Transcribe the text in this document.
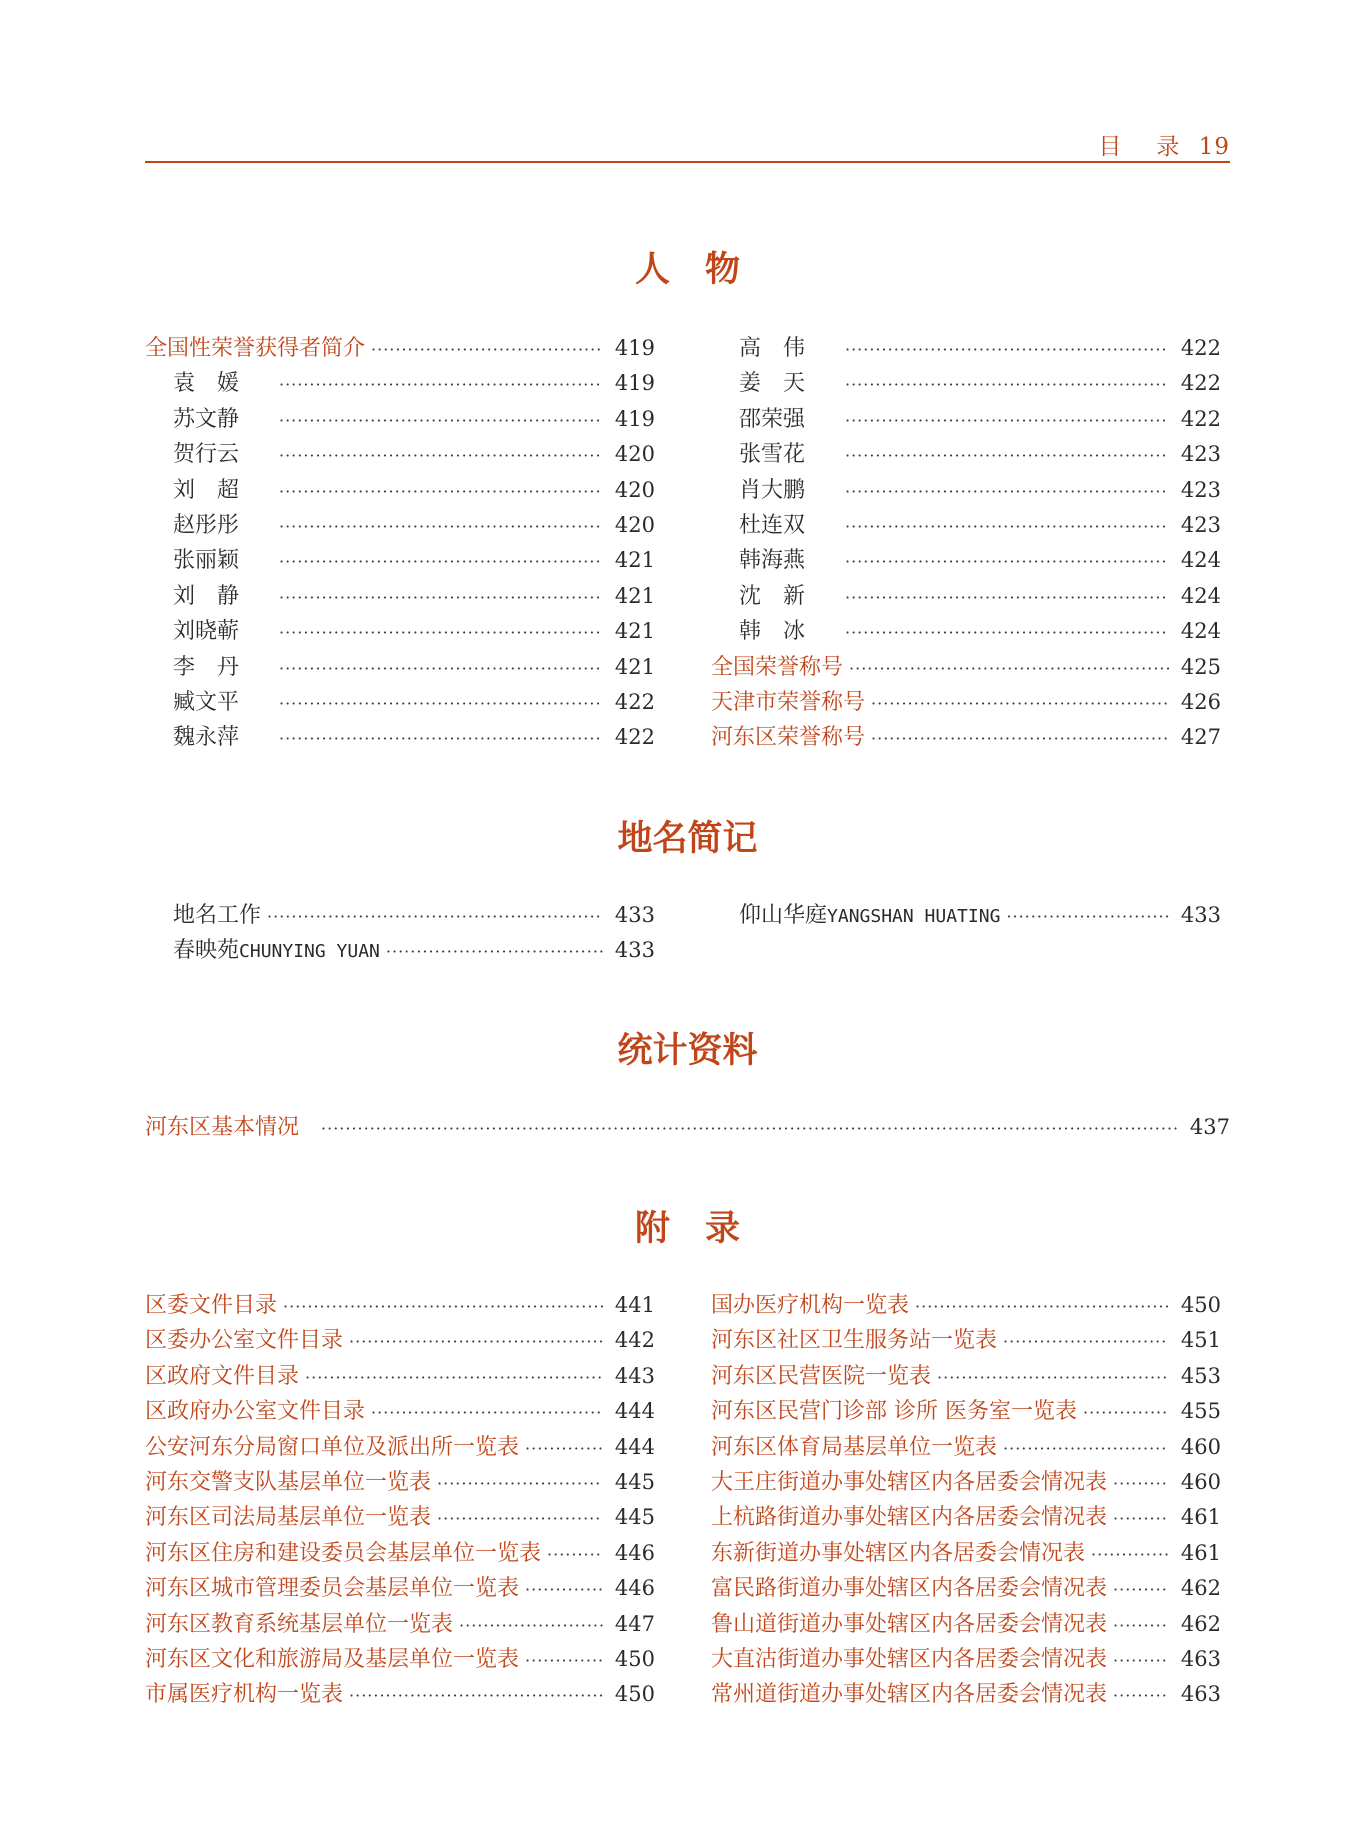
目　录 19
人　物
全国性荣誉获得者简介 ·····	419
袁　媛 ·····	419
苏文静 ·····	419
贺行云 ·····	420
刘　超 ·····	420
赵彤彤 ·····	420
张丽颖 ·····	421
刘　静 ·····	421
刘晓蕲 ·····	421
李　丹 ·····	421
臧文平 ·····	422
魏永萍 ·····	422
高　伟 ·····	422
姜　天 ·····	422
邵荣强 ·····	422
张雪花 ·····	423
肖大鹏 ·····	423
杜连双 ·····	423
韩海燕 ·····	424
沈　新 ·····	424
韩　冰 ·····	424
全国荣誉称号 ·····	425
天津市荣誉称号 ·····	426
河东区荣誉称号 ·····	427
地名简记
地名工作 ·····	433
春映苑CHUNYING YUAN ·····	433
仰山华庭YANGSHAN HUATING ·····	433
统计资料
河东区基本情况 ·····	437
附　录
区委文件目录 ·····	441
区委办公室文件目录 ·····	442
区政府文件目录 ·····	443
区政府办公室文件目录 ·····	444
公安河东分局窗口单位及派出所一览表 ·····	444
河东交警支队基层单位一览表 ·····	445
河东区司法局基层单位一览表 ·····	445
河东区住房和建设委员会基层单位一览表 ·····	446
河东区城市管理委员会基层单位一览表 ·····	446
河东区教育系统基层单位一览表 ·····	447
河东区文化和旅游局及基层单位一览表 ·····	450
市属医疗机构一览表 ·····	450
国办医疗机构一览表 ·····	450
河东区社区卫生服务站一览表 ·····	451
河东区民营医院一览表 ·····	453
河东区民营门诊部 诊所 医务室一览表 ·····	455
河东区体育局基层单位一览表 ·····	460
大王庄街道办事处辖区内各居委会情况表 ·····	460
上杭路街道办事处辖区内各居委会情况表 ·····	461
东新街道办事处辖区内各居委会情况表 ·····	461
富民路街道办事处辖区内各居委会情况表 ·····	462
鲁山道街道办事处辖区内各居委会情况表 ·····	462
大直沽街道办事处辖区内各居委会情况表 ·····	463
常州道街道办事处辖区内各居委会情况表 ·····	463
